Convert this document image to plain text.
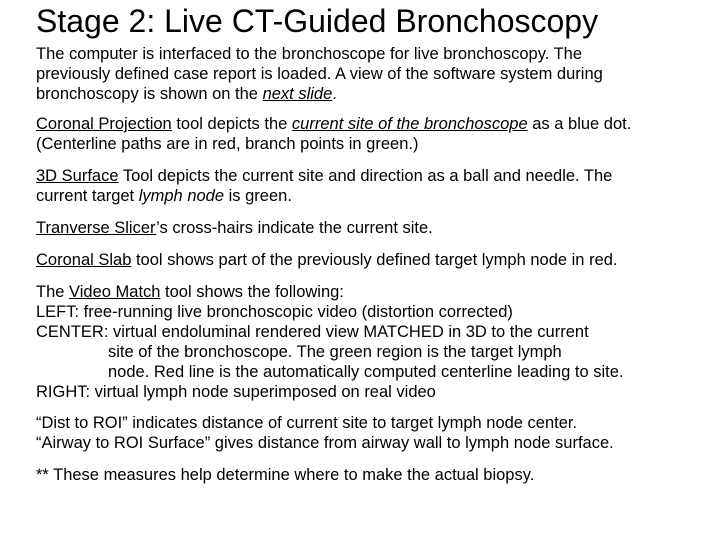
Stage 2: Live CT-Guided Bronchoscopy

The computer is interfaced to the bronchoscope for live bronchoscopy. The

previously defined case report is loaded. A view of the software system during

bronchoscopy is shown on the next slide.

Coronal Projection tool depicts the current site of the bronchoscope as a blue dot.

(Centerline paths are in red, branch points in green.)

3D Surface Tool depicts the current site and direction as a ball and needle. The

current target lymph node is green.

Tranverse Slicer’s cross-hairs indicate the current site.

Coronal Slab tool shows part of the previously defined target lymph node in red.

The Video Match tool shows the following:

LEFT: free-running live bronchoscopic video (distortion corrected)

CENTER: virtual endoluminal rendered view MATCHED in 3D to the current

site of the bronchoscope. The green region is the target lymph

node. Red line is the automatically computed centerline leading to site.

RIGHT: virtual lymph node superimposed on real video

“Dist to ROI” indicates distance of current site to target lymph node center.

“Airway to ROI Surface” gives distance from airway wall to lymph node surface.

** These measures help determine where to make the actual biopsy.
